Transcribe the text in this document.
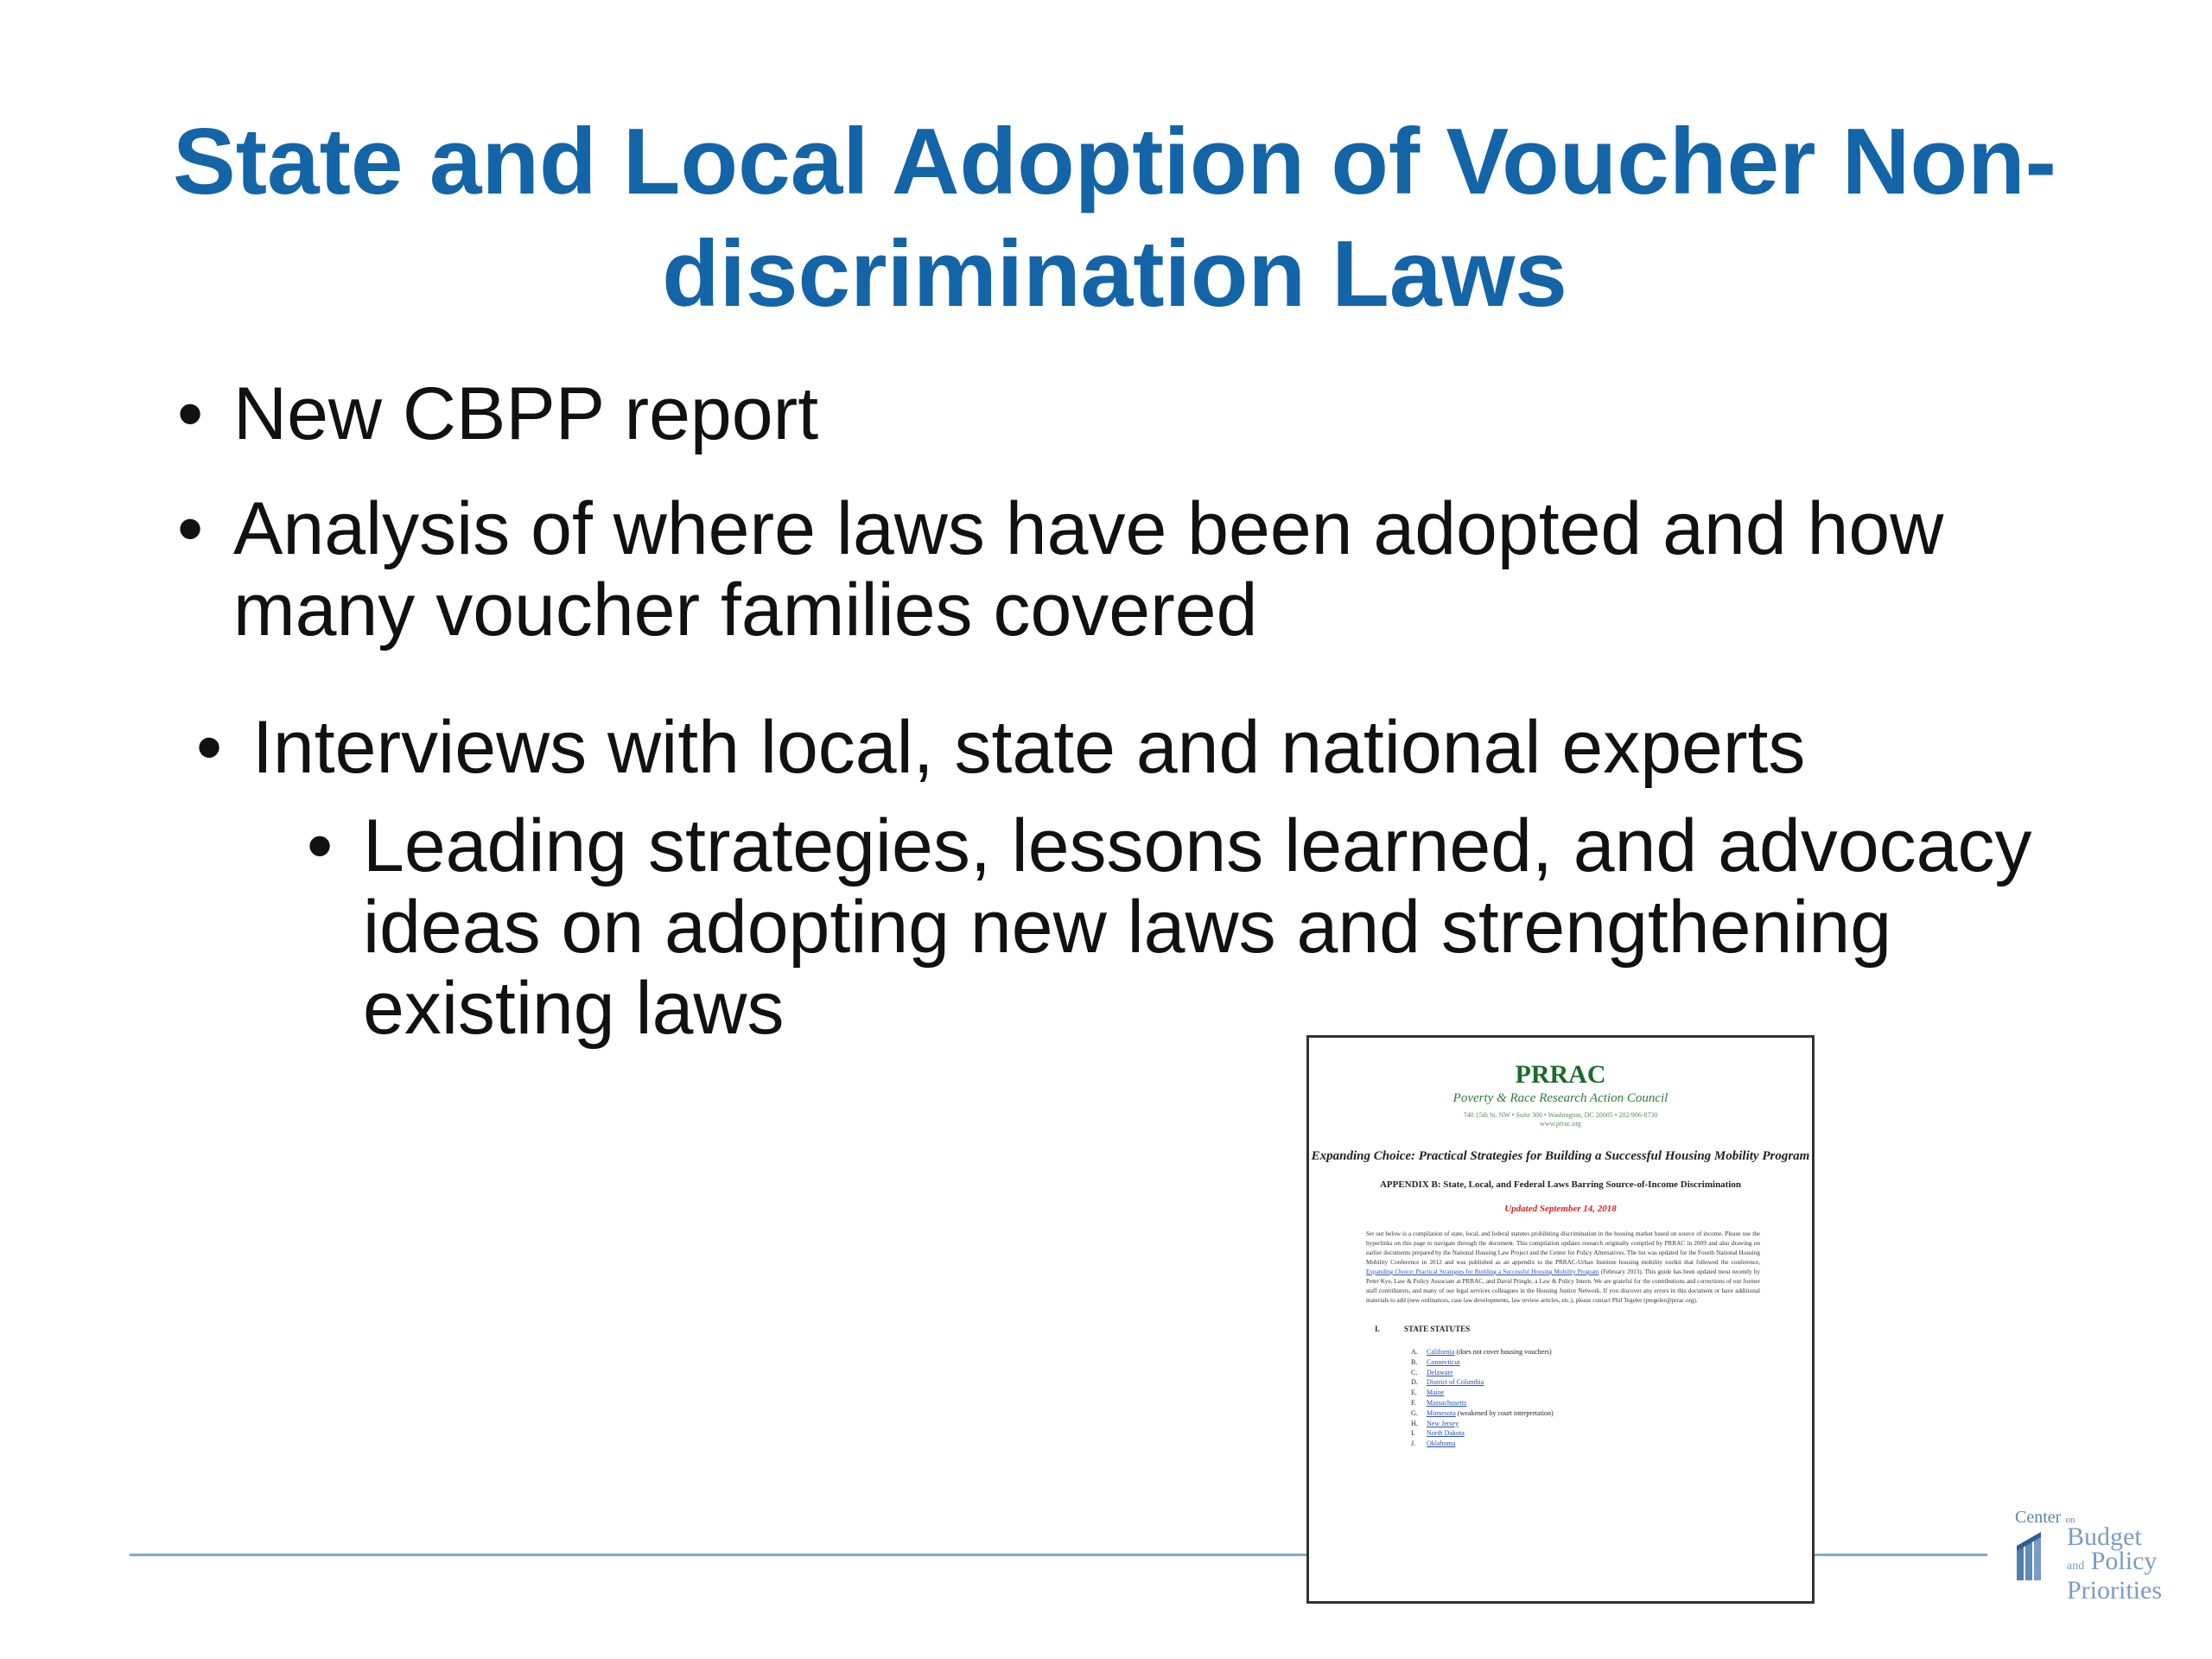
State and Local Adoption of Voucher Non-discrimination Laws
• New CBPP report
• Analysis of where laws have been adopted and how many voucher families covered
• Interviews with local, state and national experts
• Leading strategies, lessons learned, and advocacy ideas on adopting new laws and strengthening existing laws
PRRAC
Poverty & Race Research Action Council
740 15th St. NW • Suite 300 • Washington, DC 20005 • 202/906-8730
www.prrac.org
Expanding Choice: Practical Strategies for Building a Successful Housing Mobility Program
APPENDIX B: State, Local, and Federal Laws Barring Source-of-Income Discrimination
Updated September 14, 2018
Set out below is a compilation of state, local, and federal statutes prohibiting discrimination in the housing market based on source of income. Please use the hyperlinks on this page to navigate through the document. This compilation updates research originally compiled by PRRAC in 2009 and also drawing on earlier documents prepared by the National Housing Law Project and the Center for Policy Alternatives. The list was updated for the Fourth National Housing Mobility Conference in 2012 and was published as an appendix to the PRRAC-Urban Institute housing mobility toolkit that followed the conference, Expanding Choice: Practical Strategies for Building a Successful Housing Mobility Program (February 2013). This guide has been updated most recently by Peter Kye, Law & Policy Associate at PRRAC, and David Pringle, a Law & Policy Intern. We are grateful for the contributions and corrections of our former staff contributors, and many of our legal services colleagues in the Housing Justice Network. If you discover any errors in this document or have additional materials to add (new ordinances, case law developments, law review articles, etc.), please contact Phil Tegeler (ptegeler@prrac.org).
I.	STATE STATUTES
A. California (does not cover housing vouchers)
B. Connecticut
C. Delaware
D. District of Columbia
E. Maine
F. Massachusetts
G. Minnesota (weakened by court interpretation)
H. New Jersey
I. North Dakota
J. Oklahoma
Center on
Budget
and Policy
Priorities
